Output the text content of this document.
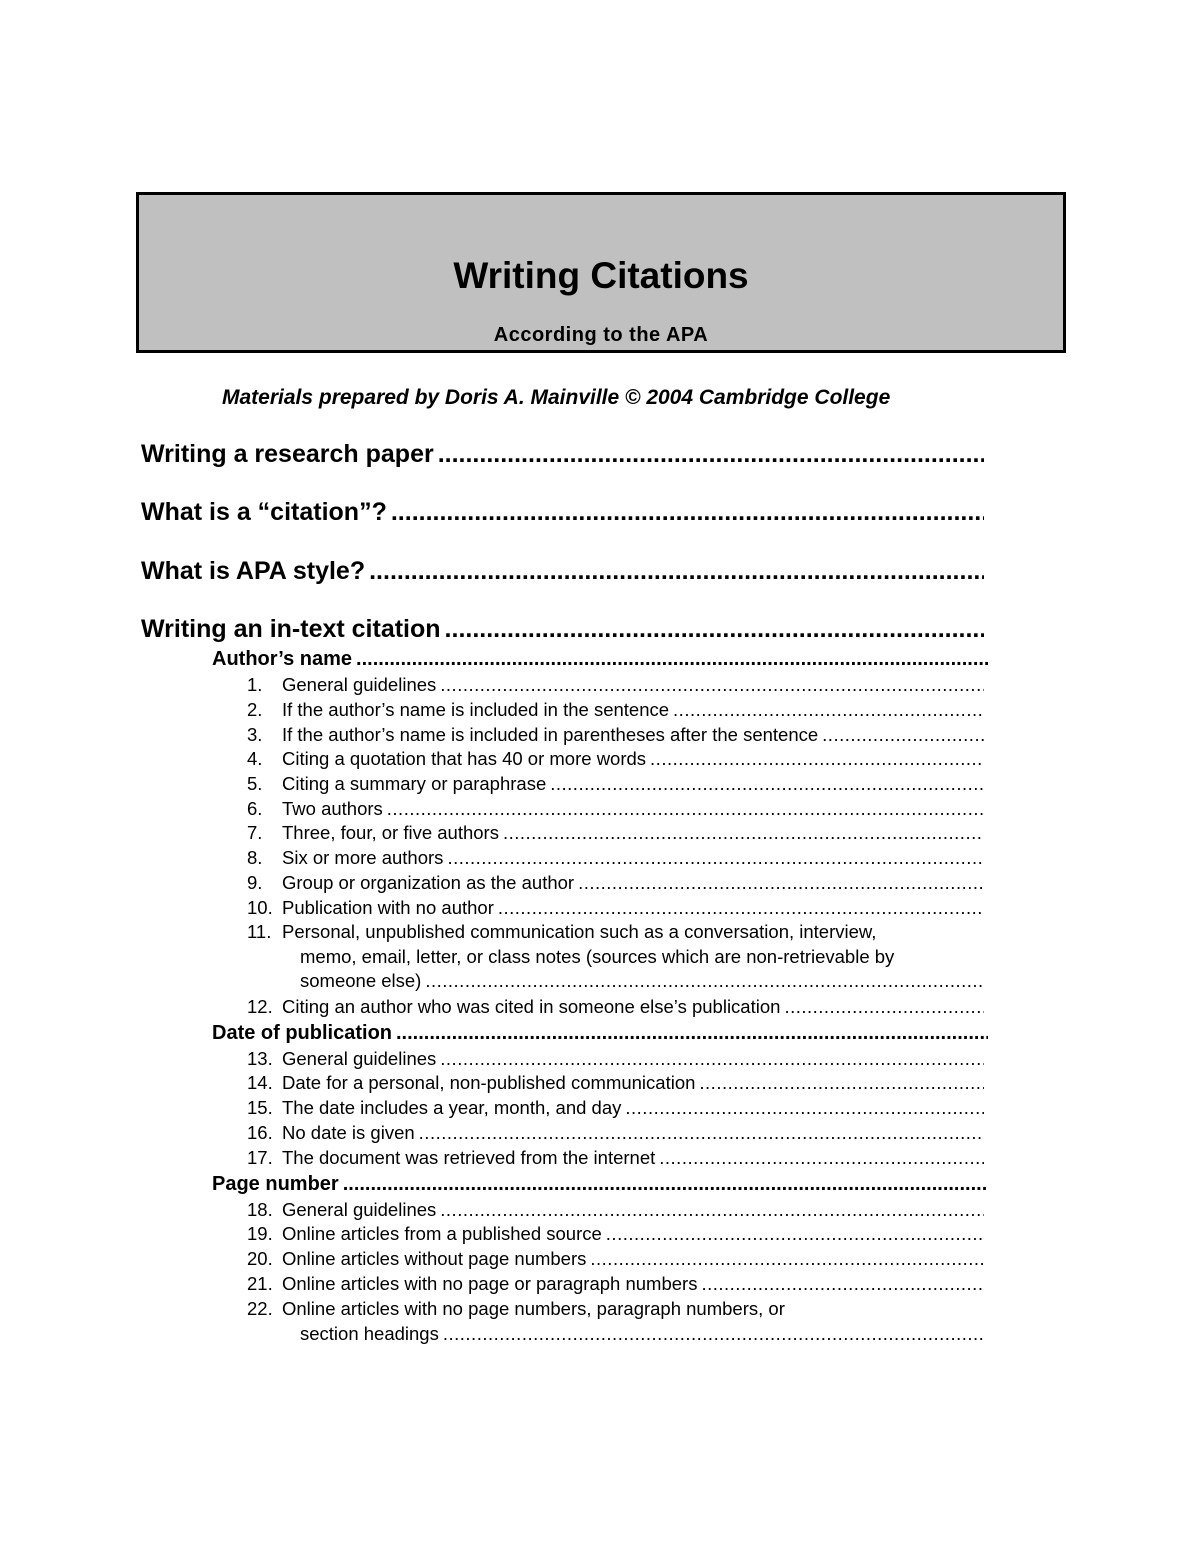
Writing Citations
According to the APA
Materials prepared by Doris A. Mainville © 2004 Cambridge College
Writing a research paper
.....
What is a “citation”?
.....
What is APA style?
.....
Writing an in-text citation
.....
Author’s name
.....
1. General guidelines
.....
2. If the author’s name is included in the sentence
.....
3. If the author’s name is included in parentheses after the sentence
.....
4. Citing a quotation that has 40 or more words
.....
5. Citing a summary or paraphrase
.....
6. Two authors
.....
7. Three, four, or five authors
.....
8. Six or more authors
.....
9. Group or organization as the author
.....
10. Publication with no author
.....
11. Personal, unpublished communication such as a conversation, interview,
memo, email, letter, or class notes (sources which are non-retrievable by
someone else)
.....
12. Citing an author who was cited in someone else’s publication
.....
Date of publication
.....
13. General guidelines
.....
14. Date for a personal, non-published communication
.....
15. The date includes a year, month, and day
.....
16. No date is given
.....
17. The document was retrieved from the internet
.....
Page number
.....
18. General guidelines
.....
19. Online articles from a published source
.....
20. Online articles without page numbers
.....
21. Online articles with no page or paragraph numbers
.....
22. Online articles with no page numbers, paragraph numbers, or
section headings
.....
